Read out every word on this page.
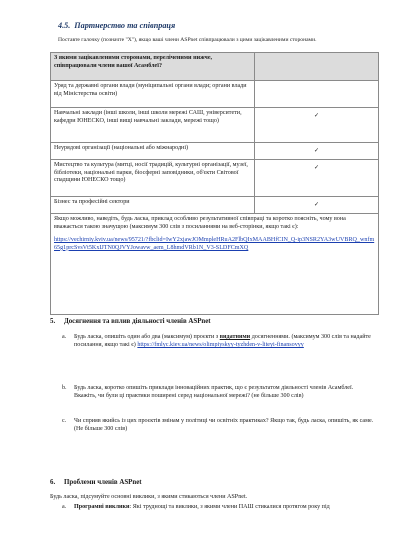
4.5. Партнерство та співпраця
Поставте галочку (позначте "X"), якщо ваші члени ASPnet співпрацювали з цими зацікавленими сторонами.
З якими зацікавленими сторонами, переліченими нижче, співпрацювали члени вашої Асамблеї?	
Уряд та державні органи влади (муніципальні органи влади; органи влади від Міністерства освіти)	
Навчальні заклади (інші школи, інші школи мережі САШ, університети, кафедри ЮНЕСКО, інші вищі навчальні заклади, мережі тощо)	✓
Неурядові організації (національні або міжнародні)	✓
Мистецтво та культура (митці, носії традицій, культурні організації, музеї, бібліотеки, національні парки, біосферні заповідники, об'єкти Світової спадщини ЮНЕСКО тощо)	✓
Бізнес та професійні сектори	✓
Якщо можливо, наведіть, будь ласка, приклад особливо результативної співпраці та коротко поясніть, чому вона вважається такою значущою (максимум 300 слів з посиланнями на веб-сторінки, якщо такі є):
https://vechirniy.kviv.ua/news/95721/?fbclid=IwY2xjawJOMmpleHRuA2FlbQIxMAABHfCIN_Q-ip3NSR2YA3wUVBRQ_wnfm65g1prcSvsVt5KxIJTN0QJVYJowavw_aem_L8hmdVRb1N_V3-SLDFCmXQ	
5. Досягнення та вплив діяльності членів ASPnet
a. Будь ласка, опишіть один або два (максимум) проєкти з видатними досягненнями. (максимум 300 слів та надайте посилання, якщо такі є) https://fmlyc.kiev.ua/news/olimpiyskyy-tyzhden-v-liteyi-finansovyy
b. Будь ласка, коротко опишіть приклади інноваційних практик, що є результатом діяльності членів Асамблеї. Вкажіть, чи були ці практики поширені серед національної мережі? (не більше 300 слів)
c. Чи сприяв якийсь із цих проєктів змінам у політиці чи освітніх практиках? Якщо так, будь ласка, опишіть, як саме. (Не більше 300 слів)
6. Проблеми членів ASPnet
Будь ласка, підсумуйте основні виклики, з якими стикаються члени ASPnet.
a. Програмні виклики: Які труднощі та виклики, з якими члени ПАШ стикалися протягом року під
